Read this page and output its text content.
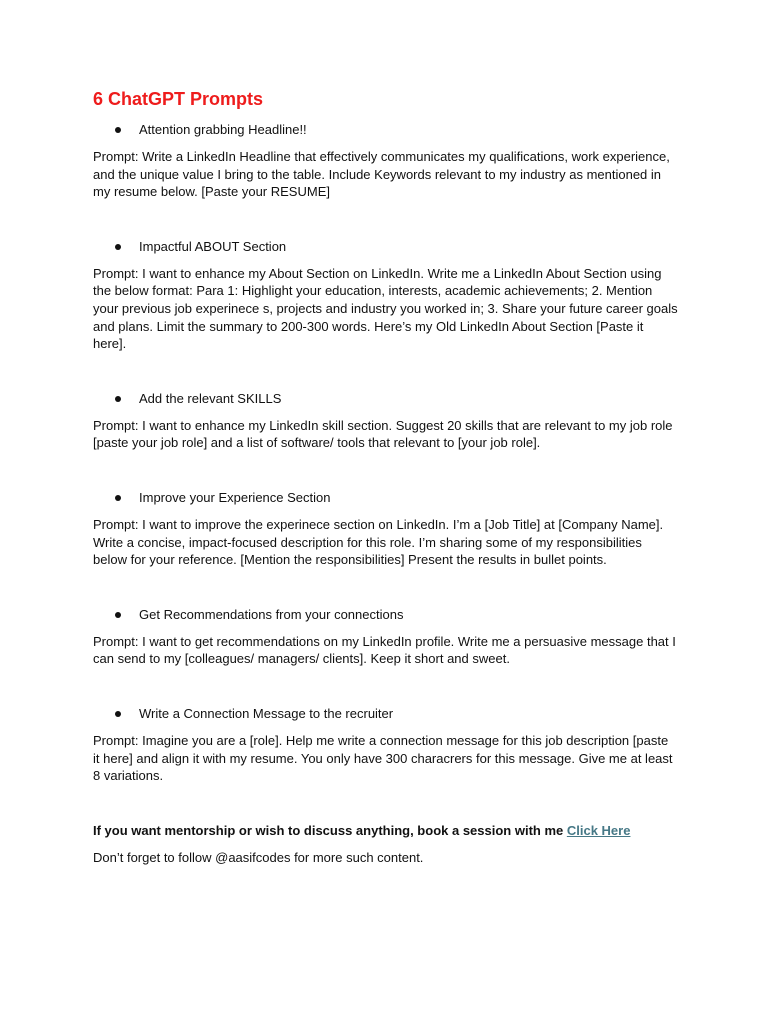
6 ChatGPT Prompts
Attention grabbing Headline!!

Prompt: Write a LinkedIn Headline that effectively communicates my qualifications, work experience, and the unique value I bring to the table. Include Keywords relevant to my industry as mentioned in my resume below. [Paste your RESUME]

Impactful ABOUT Section

Prompt: I want to enhance my About Section on LinkedIn. Write me a LinkedIn About Section using the below format: Para 1: Highlight your education, interests, academic achievements; 2. Mention your previous job experinece s, projects and industry you worked in; 3. Share your future career goals and plans. Limit the summary to 200-300 words. Here’s my Old LinkedIn About Section [Paste it here].

Add the relevant SKILLS

Prompt: I want to enhance my LinkedIn skill section. Suggest 20 skills that are relevant to my job role [paste your job role] and a list of software/ tools that relevant to [your job role].

Improve your Experience Section

Prompt: I want to improve the experinece section on LinkedIn. I’m a [Job Title] at [Company Name]. Write a concise, impact-focused description for this role. I’m sharing some of my responsibilities below for your reference. [Mention the responsibilities] Present the results in bullet points.

Get Recommendations from your connections

Prompt: I want to get recommendations on my LinkedIn profile. Write me a persuasive message that I can send to my [colleagues/ managers/ clients]. Keep it short and sweet.

Write a Connection Message to the recruiter

Prompt: Imagine you are a [role]. Help me write a connection message for this job description [paste it here] and align it with my resume. You only have 300 characrers for this message. Give me at least 8 variations.

If you want mentorship or wish to discuss anything, book a session with me Click Here

Don’t forget to follow @aasifcodes for more such content.
